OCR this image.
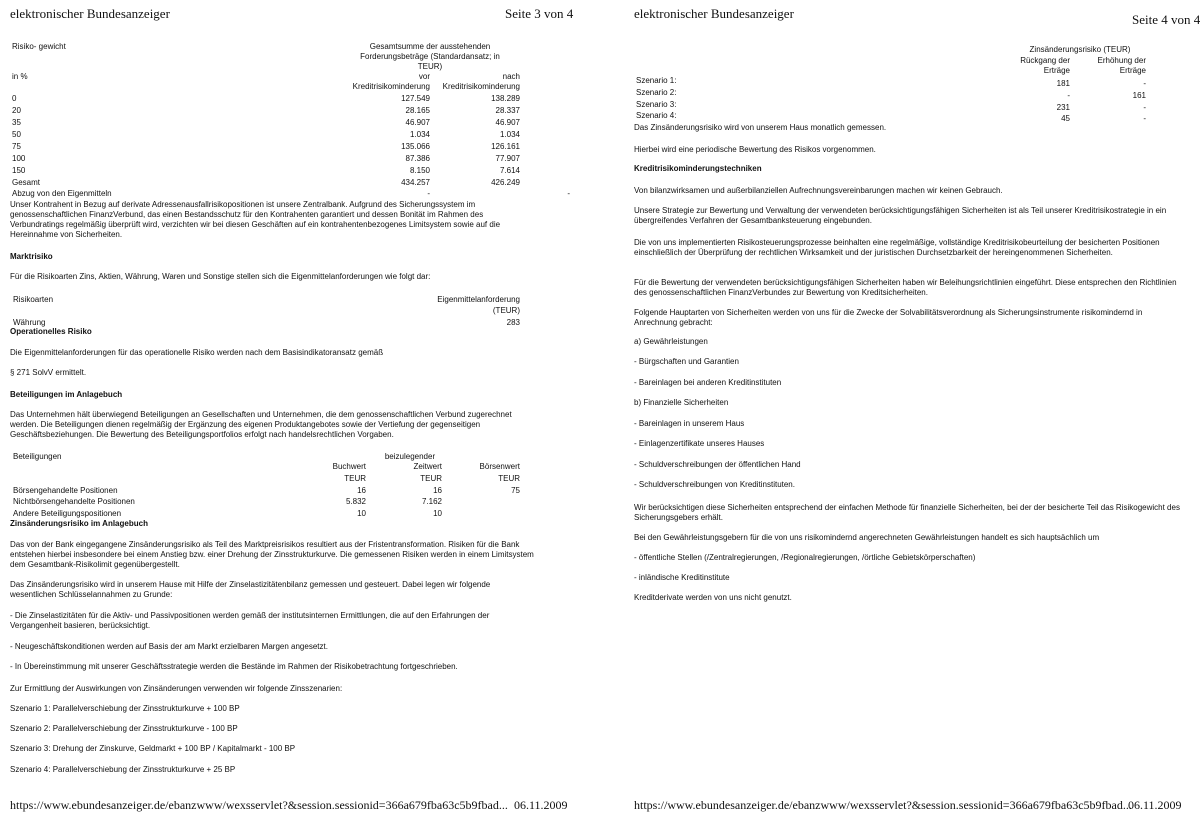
elektronischer Bundesanzeiger	Seite 3 von 4
Risiko- gewicht	Gesamtsumme der ausstehenden
Forderungsbeträge (Standardansatz; in
TEUR)
in %	vor	nach
Kreditrisikominderung	Kreditrisikominderung
0	127.549	138.289
20	28.165	28.337
35	46.907	46.907
50	1.034	1.034
75	135.066	126.161
100	87.386	77.907
150	8.150	7.614
Gesamt	434.257	426.249
Abzug von den Eigenmitteln	-	-
Unser Kontrahent in Bezug auf derivate Adressenausfallrisikopositionen ist unsere Zentralbank. Aufgrund des Sicherungssystem im genossenschaftlichen FinanzVerbund, das einen Bestandsschutz für den Kontrahenten garantiert und dessen Bonität im Rahmen des Verbundratings regelmäßig überprüft wird, verzichten wir bei diesen Geschäften auf ein kontrahentenbezogenes Limitsystem sowie auf die Hereinnahme von Sicherheiten.
Marktrisiko
Für die Risikoarten Zins, Aktien, Währung, Waren und Sonstige stellen sich die Eigenmittelanforderungen wie folgt dar:
Risikoarten	Eigenmittelanforderung
(TEUR)
Währung	283
Operationelles Risiko
Die Eigenmittelanforderungen für das operationelle Risiko werden nach dem Basisindikatoransatz gemäß
§ 271 SolvV ermittelt.
Beteiligungen im Anlagebuch
Das Unternehmen hält überwiegend Beteiligungen an Gesellschaften und Unternehmen, die dem genossenschaftlichen Verbund zugerechnet werden. Die Beteiligungen dienen regelmäßig der Ergänzung des eigenen Produktangebotes sowie der Vertiefung der gegenseitigen Geschäftsbeziehungen. Die Bewertung des Beteiligungsportfolios erfolgt nach handelsrechtlichen Vorgaben.
Beteiligungen	beizulegender
Buchwert	Zeitwert	Börsenwert
TEUR	TEUR	TEUR
Börsengehandelte Positionen	16	16	75
Nichtbörsengehandelte Positionen	5.832	7.162
Andere Beteiligungspositionen	10	10
Zinsänderungsrisiko im Anlagebuch
Das von der Bank eingegangene Zinsänderungsrisiko als Teil des Marktpreisrisikos resultiert aus der Fristentransformation. Risiken für die Bank entstehen hierbei insbesondere bei einem Anstieg bzw. einer Drehung der Zinsstrukturkurve. Die gemessenen Risiken werden in einem Limitsystem dem Gesamtbank-Risikolimit gegenübergestellt.
Das Zinsänderungsrisiko wird in unserem Hause mit Hilfe der Zinselastizitätenbilanz gemessen und gesteuert. Dabei legen wir folgende wesentlichen Schlüsselannahmen zu Grunde:
- Die Zinselastizitäten für die Aktiv- und Passivpositionen werden gemäß der institutsinternen Ermittlungen, die auf den Erfahrungen der Vergangenheit basieren, berücksichtigt.
- Neugeschäftskonditionen werden auf Basis der am Markt erzielbaren Margen angesetzt.
- In Übereinstimmung mit unserer Geschäftsstrategie werden die Bestände im Rahmen der Risikobetrachtung fortgeschrieben.
Zur Ermittlung der Auswirkungen von Zinsänderungen verwenden wir folgende Zinsszenarien:
Szenario 1: Parallelverschiebung der Zinsstrukturkurve + 100 BP
Szenario 2: Parallelverschiebung der Zinsstrukturkurve - 100 BP
Szenario 3: Drehung der Zinskurve, Geldmarkt + 100 BP / Kapitalmarkt - 100 BP
Szenario 4: Parallelverschiebung der Zinsstrukturkurve + 25 BP
https://www.ebundesanzeiger.de/ebanzwww/wexsservlet?&session.sessionid=366a679fba63c5b9fbad... 06.11.2009
elektronischer Bundesanzeiger	Seite 4 von 4
Zinsänderungsrisiko (TEUR)
Rückgang der	Erhöhung der
Erträge	Erträge
Szenario 1:	181	-
Szenario 2:	-	161
Szenario 3:	231	-
Szenario 4:	45	-
Das Zinsänderungsrisiko wird von unserem Haus monatlich gemessen.
Hierbei wird eine periodische Bewertung des Risikos vorgenommen.
Kreditrisikominderungstechniken
Von bilanzwirksamen und außerbilanziellen Aufrechnungsvereinbarungen machen wir keinen Gebrauch.
Unsere Strategie zur Bewertung und Verwaltung der verwendeten berücksichtigungsfähigen Sicherheiten ist als Teil unserer Kreditrisikostrategie in ein übergreifendes Verfahren der Gesamtbanksteuerung eingebunden.
Die von uns implementierten Risikosteuerungsprozesse beinhalten eine regelmäßige, vollständige Kreditrisikobeurteilung der besicherten Positionen einschließlich der Überprüfung der rechtlichen Wirksamkeit und der juristischen Durchsetzbarkeit der hereingenommenen Sicherheiten.
Für die Bewertung der verwendeten berücksichtigungsfähigen Sicherheiten haben wir Beleihungsrichtlinien eingeführt. Diese entsprechen den Richtlinien des genossenschaftlichen FinanzVerbundes zur Bewertung von Kreditsicherheiten.
Folgende Hauptarten von Sicherheiten werden von uns für die Zwecke der Solvabilitätsverordnung als Sicherungsinstrumente risikomindernd in Anrechnung gebracht:
a) Gewährleistungen
- Bürgschaften und Garantien
- Bareinlagen bei anderen Kreditinstituten
b) Finanzielle Sicherheiten
- Bareinlagen in unserem Haus
- Einlagenzertifikate unseres Hauses
- Schuldverschreibungen der öffentlichen Hand
- Schuldverschreibungen von Kreditinstituten.
Wir berücksichtigen diese Sicherheiten entsprechend der einfachen Methode für finanzielle Sicherheiten, bei der der besicherte Teil das Risikogewicht des Sicherungsgebers erhält.
Bei den Gewährleistungsgebern für die von uns risikomindernd angerechneten Gewährleistungen handelt es sich hauptsächlich um
- öffentliche Stellen (/Zentralregierungen, /Regionalregierungen, /örtliche Gebietskörperschaften)
- inländische Kreditinstitute
Kreditderivate werden von uns nicht genutzt.
https://www.ebundesanzeiger.de/ebanzwww/wexsservlet?&session.sessionid=366a679fba63c5b9fbad...
06.11.2009
